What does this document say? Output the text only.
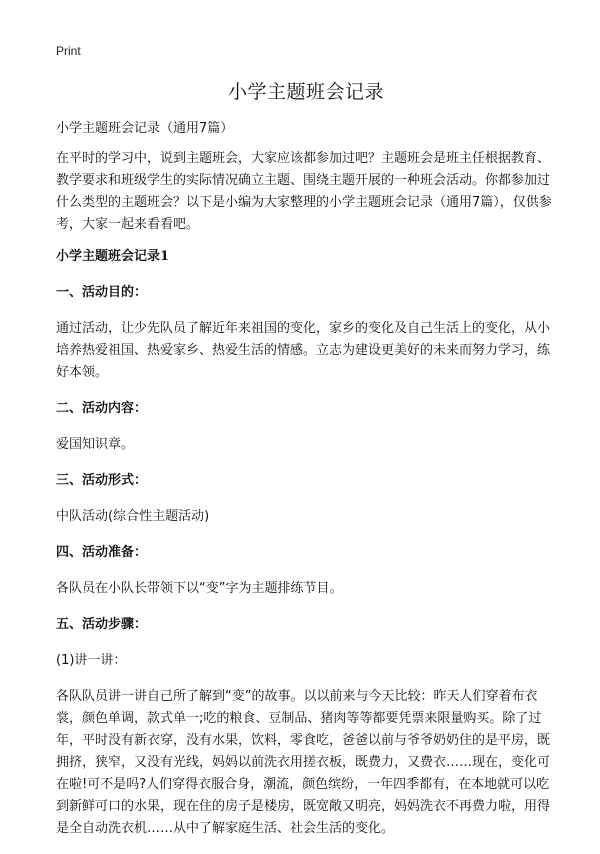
Print
小学主题班会记录

小学主题班会记录（通用7篇）

在平时的学习中，说到主题班会，大家应该都参加过吧？主题班会是班主任根据教育、教学要求和班级学生的实际情况确立主题、围绕主题开展的一种班会活动。你都参加过什么类型的主题班会？以下是小编为大家整理的小学主题班会记录（通用7篇），仅供参考，大家一起来看看吧。

小学主题班会记录1

一、活动目的：

通过活动，让少先队员了解近年来祖国的变化，家乡的变化及自己生活上的变化，从小培养热爱祖国、热爱家乡、热爱生活的情感。立志为建设更美好的未来而努力学习，练好本领。

二、活动内容：

爱国知识章。

三、活动形式：

中队活动(综合性主题活动)

四、活动准备：

各队员在小队长带领下以“变”字为主题排练节目。

五、活动步骤：

(1)讲一讲：

各队队员讲一讲自己所了解到“变”的故事。以以前来与今天比较：昨天人们穿着布衣裳，颜色单调，款式单一;吃的粮食、豆制品、猪肉等等都要凭票来限量购买。除了过年，平时没有新衣穿，没有水果，饮料，零食吃，爸爸以前与爷爷奶奶住的是平房，既拥挤，狭窄，又没有光线，妈妈以前洗衣用搓衣板，既费力，又费衣……现在，变化可在啦!可不是吗?人们穿得衣服合身，潮流，颜色缤纷，一年四季都有，在本地就可以吃到新鲜可口的水果，现在住的房子是楼房，既宽敞又明亮，妈妈洗衣不再费力啦，用得是全自动洗衣机……从中了解家庭生活、社会生活的变化。
